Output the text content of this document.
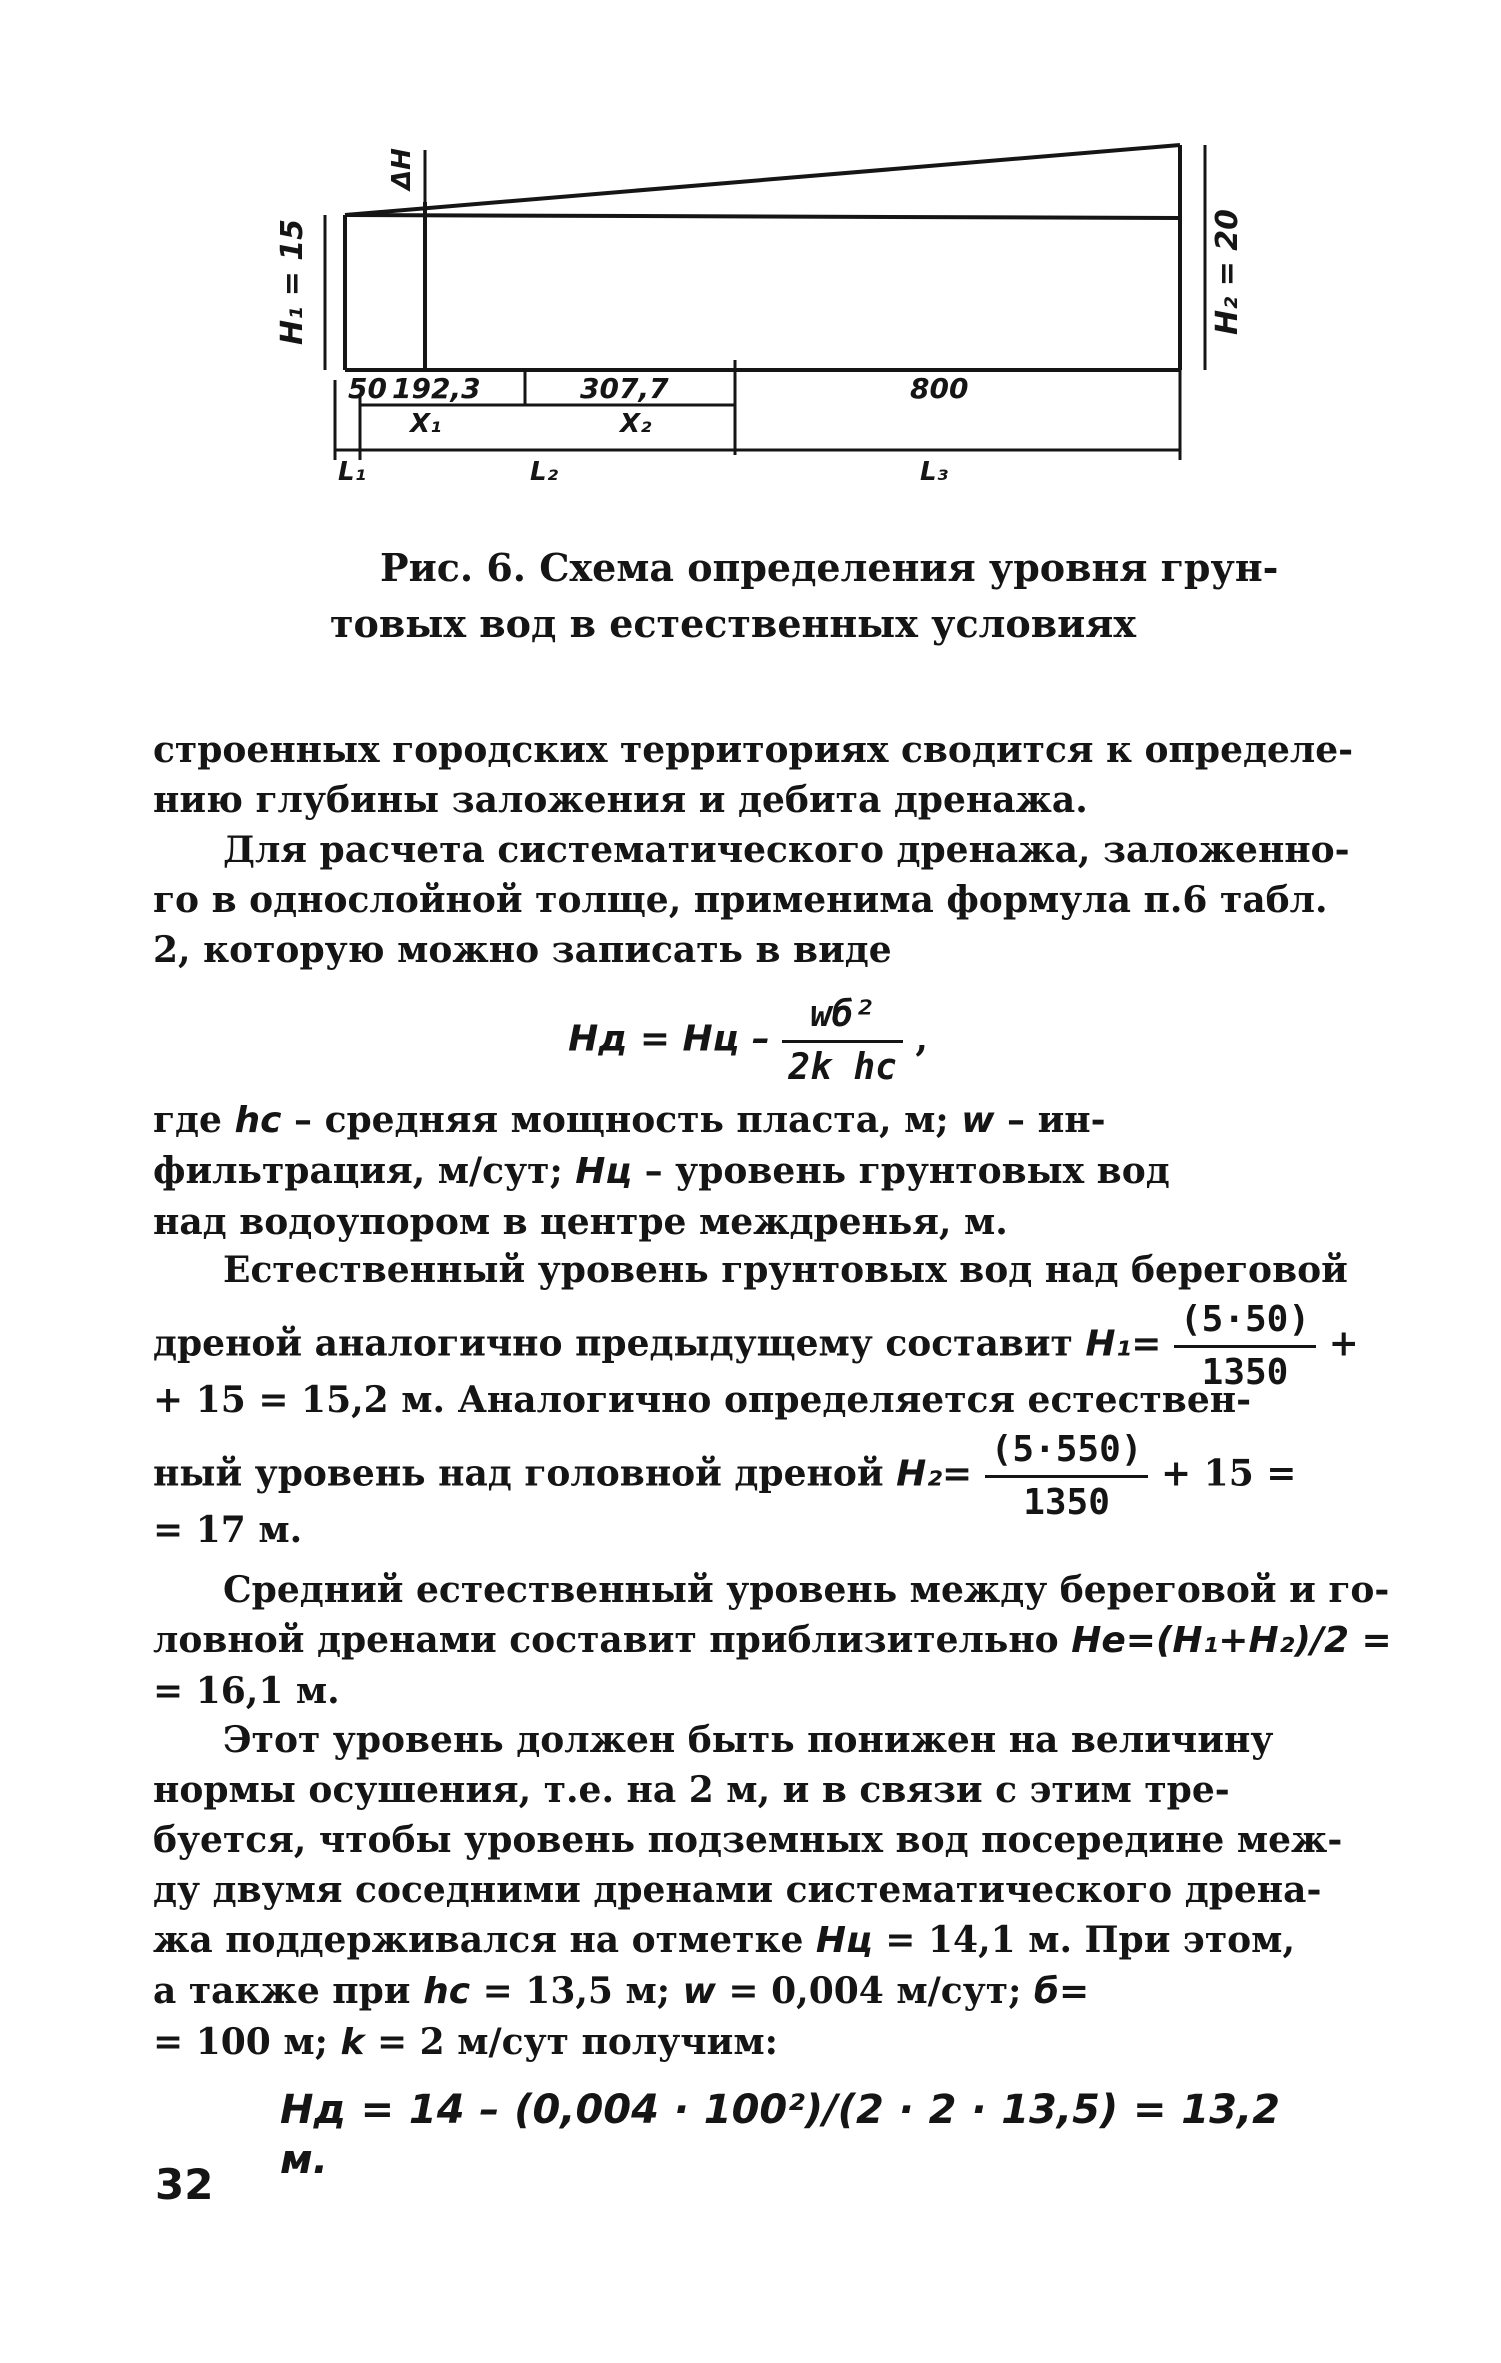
ΔH
H₁ = 15	H₂ = 20
50 192,3	307,7	800
X₁	X₂
L₁	L₂	L₃
Рис. 6. Схема определения уровня грун-
товых вод в естественных условиях
строенных городских территориях сводится к определе-
нию глубины заложения и дебита дренажа.
Для расчета систематического дренажа, заложенно-
го в однослойной толще, применима формула п.6 табл.
2, которую можно записать в виде
Hд = Hц – $\frac{\text{wб²}}{\text{2k hc}}$ ,
где hc – средняя мощность пласта, м; w – ин-
фильтрация, м/сут; Hц – уровень грунтовых вод
над водоупором в центре междренья, м.
Естественный уровень грунтовых вод над береговой
дреной аналогично предыдущему составит $H_1= \frac{(5\cdot 50)}{1350}$ +
+ 15 = 15,2 м. Аналогично определяется естествен-
ный уровень над головной дреной $H_2= \frac{(5\cdot 550)}{1350} + 15$ =
= 17 м.
Средний естественный уровень между береговой и го-
ловной дренами составит приблизительно Hе=(H₁+H₂)/2 =
= 16,1 м.
Этот уровень должен быть понижен на величину
нормы осушения, т.е. на 2 м, и в связи с этим тре-
буется, чтобы уровень подземных вод посередине меж-
ду двумя соседними дренами систематического дрена-
жа поддерживался на отметке Hц = 14,1 м. При этом,
а также при hc = 13,5 м; w = 0,004 м/сут; б=
= 100 м; k = 2 м/сут получим:
Hд = 14 – (0,004 · 100²)/(2 · 2 · 13,5) = 13,2 м.
32
